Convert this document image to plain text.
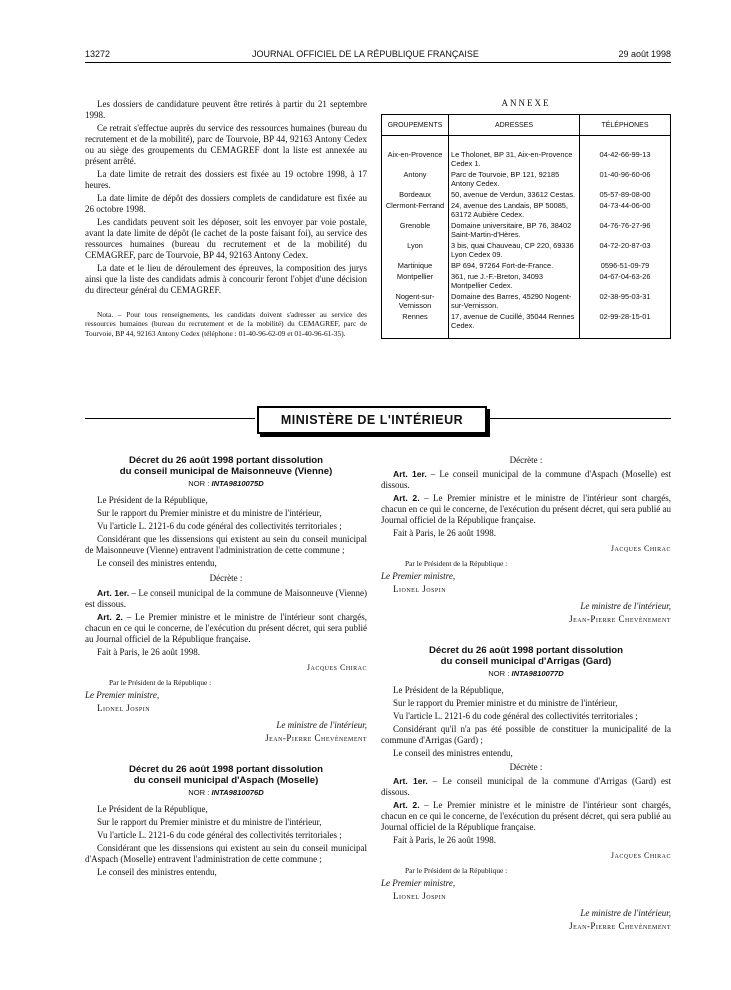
13272	JOURNAL OFFICIEL DE LA RÉPUBLIQUE FRANÇAISE	29 août 1998

Les dossiers de candidature peuvent être retirés à partir du 21 septembre 1998.

Ce retrait s'effectue auprès du service des ressources humaines (bureau du recrutement et de la mobilité), parc de Tourvoie, BP 44, 92163 Antony Cedex ou au siège des groupements du CEMAGREF dont la liste est annexée au présent arrêté.

La date limite de retrait des dossiers est fixée au 19 octobre 1998, à 17 heures.

La date limite de dépôt des dossiers complets de candidature est fixée au 26 octobre 1998.

Les candidats peuvent soit les déposer, soit les envoyer par voie postale, avant la date limite de dépôt (le cachet de la poste faisant foi), au service des ressources humaines (bureau du recrutement et de la mobilité) du CEMAGREF, parc de Tourvoie, BP 44, 92163 Antony Cedex.

La date et le lieu de déroulement des épreuves, la composition des jurys ainsi que la liste des candidats admis à concourir feront l'objet d'une décision du directeur général du CEMAGREF.

Nota. – Pour tous renseignements, les candidats doivent s'adresser au service des ressources humaines (bureau du recrutement et de la mobilité) du CEMAGREF, parc de Tourvoie, BP 44, 92163 Antony Cedex (téléphone : 01-40-96-62-09 et 01-40-96-61-35).
ANNEXE
GROUPEMENTS	ADRESSES	TÉLÉPHONES
Aix-en-Provence	Le Tholonet, BP 31, Aix-en-Provence Cedex 1.	04-42-66-99-13
Antony	Parc de Tourvoie, BP 121, 92185 Antony Cedex.	01-40-96-60-06
Bordeaux	50, avenue de Verdun, 33612 Cestas.	05-57-89-08-00
Clermont-Ferrand	24, avenue des Landais, BP 50085, 63172 Aubière Cedex.	04-73-44-06-00
Grenoble	Domaine universitaire, BP 76, 38402 Saint-Martin-d'Hères.	04-76-76-27-96
Lyon	3 bis, quai Chauveau, CP 220, 69336 Lyon Cedex 09.	04-72-20-87-03
Martinique	BP 694, 97264 Fort-de-France.	0596-51-09-79
Montpellier	361, rue J.-F.-Breton, 34093 Montpellier Cedex.	04-67-04-63-26
Nogent-sur-Vernisson	Domaine des Barres, 45290 Nogent-sur-Vernisson.	02-38-95-03-31
Rennes	17, avenue de Cucillé, 35044 Rennes Cedex.	02-99-28-15-01
MINISTÈRE DE L'INTÉRIEUR
Décret du 26 août 1998 portant dissolution
du conseil municipal de Maisonneuve (Vienne)
NOR : INTA9810075D

Le Président de la République,

Sur le rapport du Premier ministre et du ministre de l'intérieur,

Vu l'article L. 2121-6 du code général des collectivités territoriales ;

Considérant que les dissensions qui existent au sein du conseil municipal de Maisonneuve (Vienne) entravent l'administration de cette commune ;

Le conseil des ministres entendu,

Décrète :

Art. 1er. – Le conseil municipal de la commune de Maisonneuve (Vienne) est dissous.

Art. 2. – Le Premier ministre et le ministre de l'intérieur sont chargés, chacun en ce qui le concerne, de l'exécution du présent décret, qui sera publié au Journal officiel de la République française.

Fait à Paris, le 26 août 1998.

Jacques Chirac

Par le Président de la République :

Le Premier ministre,

Lionel Jospin

Le ministre de l'intérieur,

Jean-Pierre Chevènement

Décret du 26 août 1998 portant dissolution
du conseil municipal d'Aspach (Moselle)
NOR : INTA9810076D

Le Président de la République,

Sur le rapport du Premier ministre et du ministre de l'intérieur,

Vu l'article L. 2121-6 du code général des collectivités territoriales ;

Considérant que les dissensions qui existent au sein du conseil municipal d'Aspach (Moselle) entravent l'administration de cette commune ;

Le conseil des ministres entendu,

Décrète :

Art. 1er. – Le conseil municipal de la commune d'Aspach (Moselle) est dissous.

Art. 2. – Le Premier ministre et le ministre de l'intérieur sont chargés, chacun en ce qui le concerne, de l'exécution du présent décret, qui sera publié au Journal officiel de la République française.

Fait à Paris, le 26 août 1998.

Jacques Chirac

Par le Président de la République :

Le Premier ministre,

Lionel Jospin

Le ministre de l'intérieur,

Jean-Pierre Chevènement

Décret du 26 août 1998 portant dissolution
du conseil municipal d'Arrigas (Gard)
NOR : INTA9810077D

Le Président de la République,

Sur le rapport du Premier ministre et du ministre de l'intérieur,

Vu l'article L. 2121-6 du code général des collectivités territoriales ;

Considérant qu'il n'a pas été possible de constituer la municipalité de la commune d'Arrigas (Gard) ;

Le conseil des ministres entendu,

Décrète :

Art. 1er. – Le conseil municipal de la commune d'Arrigas (Gard) est dissous.

Art. 2. – Le Premier ministre et le ministre de l'intérieur sont chargés, chacun en ce qui le concerne, de l'exécution du présent décret, qui sera publié au Journal officiel de la République française.

Fait à Paris, le 26 août 1998.

Jacques Chirac

Par le Président de la République :

Le Premier ministre,

Lionel Jospin

Le ministre de l'intérieur,

Jean-Pierre Chevènement
